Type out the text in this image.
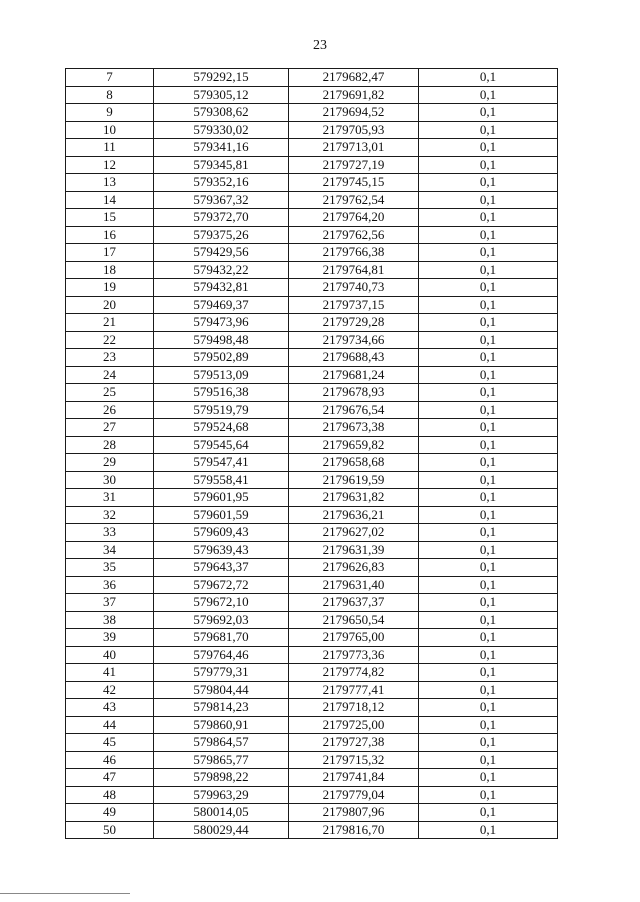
23
7	579292,15	2179682,47	0,1
8	579305,12	2179691,82	0,1
9	579308,62	2179694,52	0,1
10	579330,02	2179705,93	0,1
11	579341,16	2179713,01	0,1
12	579345,81	2179727,19	0,1
13	579352,16	2179745,15	0,1
14	579367,32	2179762,54	0,1
15	579372,70	2179764,20	0,1
16	579375,26	2179762,56	0,1
17	579429,56	2179766,38	0,1
18	579432,22	2179764,81	0,1
19	579432,81	2179740,73	0,1
20	579469,37	2179737,15	0,1
21	579473,96	2179729,28	0,1
22	579498,48	2179734,66	0,1
23	579502,89	2179688,43	0,1
24	579513,09	2179681,24	0,1
25	579516,38	2179678,93	0,1
26	579519,79	2179676,54	0,1
27	579524,68	2179673,38	0,1
28	579545,64	2179659,82	0,1
29	579547,41	2179658,68	0,1
30	579558,41	2179619,59	0,1
31	579601,95	2179631,82	0,1
32	579601,59	2179636,21	0,1
33	579609,43	2179627,02	0,1
34	579639,43	2179631,39	0,1
35	579643,37	2179626,83	0,1
36	579672,72	2179631,40	0,1
37	579672,10	2179637,37	0,1
38	579692,03	2179650,54	0,1
39	579681,70	2179765,00	0,1
40	579764,46	2179773,36	0,1
41	579779,31	2179774,82	0,1
42	579804,44	2179777,41	0,1
43	579814,23	2179718,12	0,1
44	579860,91	2179725,00	0,1
45	579864,57	2179727,38	0,1
46	579865,77	2179715,32	0,1
47	579898,22	2179741,84	0,1
48	579963,29	2179779,04	0,1
49	580014,05	2179807,96	0,1
50	580029,44	2179816,70	0,1
